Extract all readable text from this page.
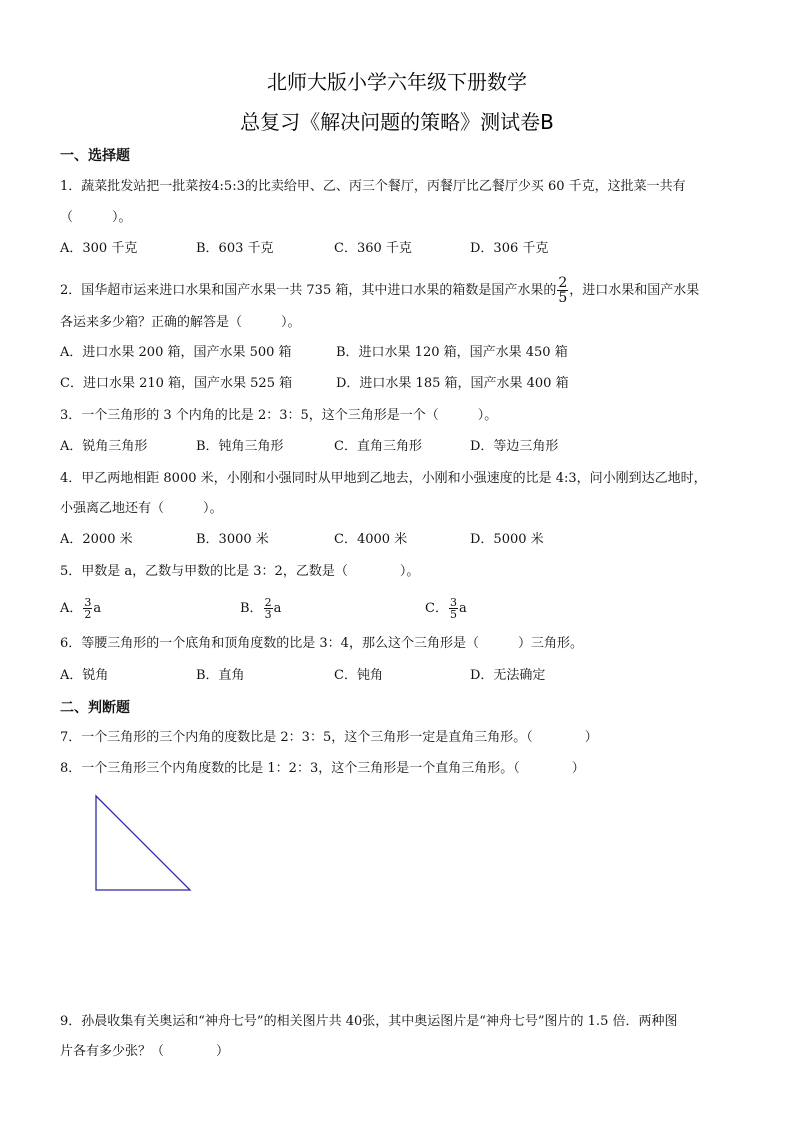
北师大版小学六年级下册数学
总复习《解决问题的策略》测试卷B
一、选择题
1．蔬菜批发站把一批菜按4:5:3的比卖给甲、乙、丙三个餐厅，丙餐厅比乙餐厅少买 60 千克，这批菜一共有
（　　　）。
A．300 千克	B．603 千克	C．360 千克	D．306 千克
2．国华超市运来进口水果和国产水果一共 735 箱，其中进口水果的箱数是国产水果的 $\frac{2}{5}$ ，进口水果和国产水果
各运来多少箱？正确的解答是（　　　）。
A．进口水果 200 箱，国产水果 500 箱	B．进口水果 120 箱，国产水果 450 箱
C．进口水果 210 箱，国产水果 525 箱	D．进口水果 185 箱，国产水果 400 箱
3．一个三角形的 3 个内角的比是 2：3：5，这个三角形是一个（　　　）。
A．锐角三角形	B．钝角三角形	C．直角三角形	D．等边三角形
4．甲乙两地相距 8000 米，小刚和小强同时从甲地到乙地去，小刚和小强速度的比是 4:3，问小刚到达乙地时，
小强离乙地还有（　　　）。
A．2000 米	B．3000 米	C．4000 米	D．5000 米
5．甲数是 a，乙数与甲数的比是 3：2，乙数是（　　　　）。
A． $\frac{3}{2}$ a	B． $\frac{2}{3}$ a	C． $\frac{3}{5}$ a
6．等腰三角形的一个底角和顶角度数的比是 3：4，那么这个三角形是（　　　）三角形。
A．锐角	B．直角	C．钝角	D．无法确定
二、判断题
7．一个三角形的三个内角的度数比是 2：3：5，这个三角形一定是直角三角形。（　　　　）
8．一个三角形三个内角度数的比是 1：2：3，这个三角形是一个直角三角形。（　　　　）
9．孙晨收集有关奥运和“神舟七号”的相关图片共 40张，其中奥运图片是“神舟七号”图片的 1.5 倍．两种图
片各有多少张？（　　　　）
